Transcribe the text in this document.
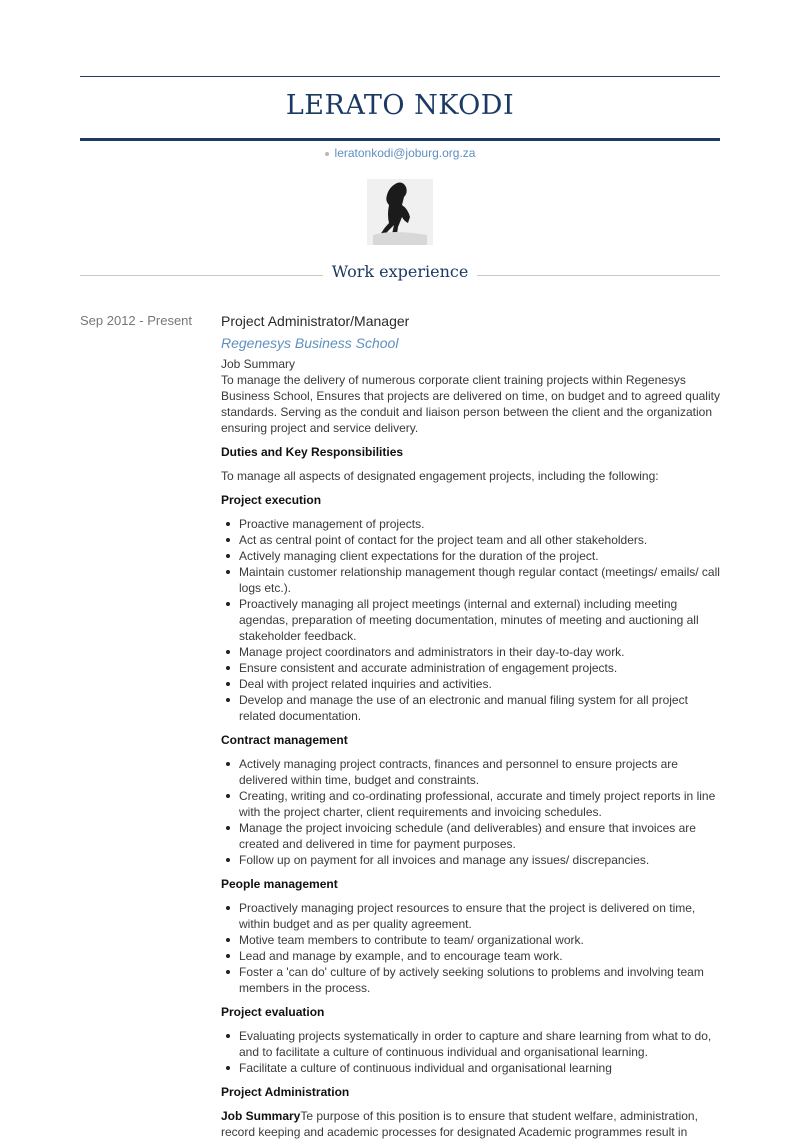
LERATO NKODI
leratonkodi@joburg.org.za
Work experience
Sep 2012 - Present Project Administrator/Manager
Regenesys Business School
Job Summary

To manage the delivery of numerous corporate client training projects within Regenesys Business School, Ensures that projects are delivered on time, on budget and to agreed quality standards. Serving as the conduit and liaison person between the client and the organization ensuring project and service delivery.

Duties and Key Responsibilities

To manage all aspects of designated engagement projects, including the following:

Project execution
Proactive management of projects.
Act as central point of contact for the project team and all other stakeholders.
Actively managing client expectations for the duration of the project.
Maintain customer relationship management though regular contact (meetings/ emails/ call logs etc.).
Proactively managing all project meetings (internal and external) including meeting agendas, preparation of meeting documentation, minutes of meeting and auctioning all stakeholder feedback.
Manage project coordinators and administrators in their day-to-day work.
Ensure consistent and accurate administration of engagement projects.
Deal with project related inquiries and activities.
Develop and manage the use of an electronic and manual filing system for all project related documentation.
Contract management
Actively managing project contracts, finances and personnel to ensure projects are delivered within time, budget and constraints.
Creating, writing and co-ordinating professional, accurate and timely project reports in line with the project charter, client requirements and invoicing schedules.
Manage the project invoicing schedule (and deliverables) and ensure that invoices are created and delivered in time for payment purposes.
Follow up on payment for all invoices and manage any issues/ discrepancies.
People management
Proactively managing project resources to ensure that the project is delivered on time, within budget and as per quality agreement.
Motive team members to contribute to team/ organizational work.
Lead and manage by example, and to encourage team work.
Foster a 'can do' culture of by actively seeking solutions to problems and involving team members in the process.
Project evaluation
Evaluating projects systematically in order to capture and share learning from what to do, and to facilitate a culture of continuous individual and organisational learning.
Facilitate a culture of continuous individual and organisational learning
Project Administration

Job SummaryTe purpose of this position is to ensure that student welfare, administration, record keeping and academic processes for designated Academic programmes result in
